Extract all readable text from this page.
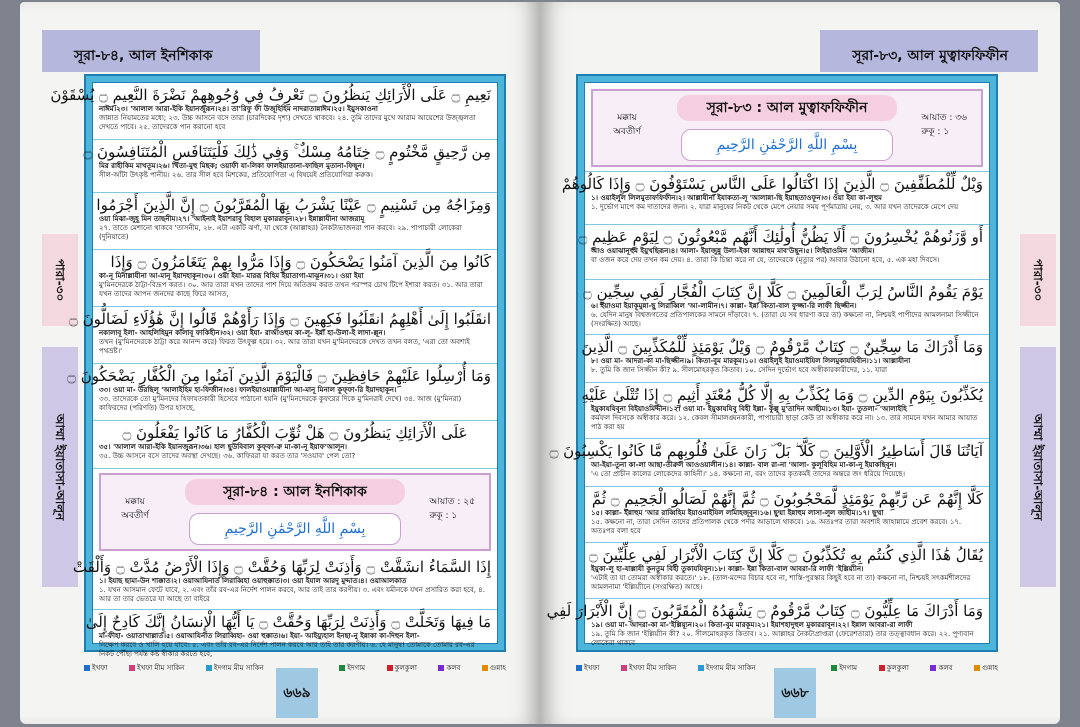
সূরা-৮৪, আল ইনশিকাক
পারা-৩০
আম্মা ইয়াতাসা-আলূন
نَعِيمِ ۝ عَلَى الْأَرَائِكِ يَنظُرُونَ ۝ تَعْرِفُ فِي وُجُوهِهِمْ نَضْرَةَ النَّعِيمِ ۝ يُسْقَوْنَ
নাঈম।২৩। 'আলাল আরা-ইকি ইয়ানজুরূন।২৪। তা'রিফু ফী উজূহিহিম নাদরাতান্নাঈম।২৫। ইয়ুসকাওনা
জান্নাত নিয়ামতের মধ্যে; ২৩. উচ্চ আসনে বসে তারা (চারদিকের দৃশ্য) দেখতে থাকবে। ২৪. তুমি তাদের মুখে আরাম আয়েশের উজ্জ্বলতা দেখতে পাবে। ২৫. তাদেরকে পান করানো হবে
مِن رَّحِيقٍ مَّخْتُومٍ ۝ خِتَامُهُ مِسْكٌ ۚ وَفِي ذَٰلِكَ فَلْيَتَنَافَسِ الْمُتَنَافِسُونَ ۝
মির রাহীকিম মাখতূম।২৬। খিতা-মুহু মিছক; ওয়াফী যা-লিকা ফালইয়াতানা-ফাছিল মুতানা-ফিছূন।
সীল-আঁটা উৎকৃষ্ট পানীয়। ২৬. তার সীল হবে মিশকের, প্রতিযোগিতা এ বিষয়েই প্রতিযোগিরা করুক।
وَمِزَاجُهُ مِن تَسْنِيمٍ ۝ عَيْنًا يَشْرَبُ بِهَا الْمُقَرَّبُونَ ۝ إِنَّ الَّذِينَ أَجْرَمُوا
ওয়া মিঝা-জুহূ মিন তাছনীম।২৭। 'আইনাই ইয়াশরাবু বিহাল মুকাররাবূন।২৮। ইন্নাল্লাযীনা আজরামূ
২৭. তাতে মেশানো থাকবে 'তাসনীম, ২৮. এটা একটি ঝর্ণা, যা থেকে (আল্লাহর) নৈকট্যভাজনরা পান করবে। ২৯. পাপাচারী লোকেরা (দুনিয়াতে)
كَانُوا مِنَ الَّذِينَ آمَنُوا يَضْحَكُونَ ۝ وَإِذَا مَرُّوا بِهِمْ يَتَغَامَزُونَ ۝ وَإِذَا
কা-নূ মিনাল্লাযীনা আ-মানূ ইয়াদহাকূন।৩০। ওয়া ইযা- মাররূ বিহিম ইয়াতাগা-মাঝূন।৩১। ওয়া ইযা
মু'মিনদেরকে ঠাট্টা-বিদ্রূপ করত। ৩০. আর তারা যখন তাদের পাশ দিয়ে অতিক্রম করত তখন পরস্পর চোখ টিপে ইশারা করত। ৩১. আর তারা যখন তাদের আপন জনদের কাছে ফিরে আসত,
انقَلَبُوا إِلَىٰ أَهْلِهِمُ انقَلَبُوا فَكِهِينَ ۝ وَإِذَا رَأَوْهُمْ قَالُوا إِنَّ هَٰؤُلَاءِ لَضَالُّونَ ۝
নকালাবূ ইলা- আহলিহিমুন কালাবূ ফাকিহীন।৩২। ওয়া ইযা- রাআওহুম কা-লূ- ইন্না হা-উলা-ই লাদা-ল্লূন।
তখন (মু'মিনদেরকে ঠাট্টা করে আনন্দ করে) ফিরত উৎফুল্ল হয়ে। ৩২. আর তারা যখন মু'মিনদেরকে দেখত তখন বলত, 'এরা তো অবশ্যই পথভ্রষ্ট।'
وَمَا أُرْسِلُوا عَلَيْهِمْ حَافِظِينَ ۝ فَالْيَوْمَ الَّذِينَ آمَنُوا مِنَ الْكُفَّارِ يَضْحَكُونَ ۝
৩৩। ওয়া মা- উরছিলূ 'আলাইহিম হা-ফিজীন।৩৪। ফালইয়াওমাল্লাযীনা আ-মানূ মিনাল কুফ্ফা-রি ইয়াদহাকূন।
৩৩. তাদেরকে তো মু'মিনদের হিফাযতকারী হিসেবে পাঠানো হয়নি (মু'মিনদেরকে কুফরের দিকে মু'মিনরাই দেখে) ৩৪. আজ (মু'মিনরা) কাফিরদের (পরিণতি) উপর হাসছে,
عَلَى الْأَرَائِكِ يَنظُرُونَ ۝ هَلْ ثُوِّبَ الْكُفَّارُ مَا كَانُوا يَفْعَلُونَ ۝
৩৫। 'আলাল আরা-ইকি ইয়ানজুরূন।৩৬। হাল ছুউবিবাল কুফ্ফা-রু মা-কা-নূ ইয়াফ'আলূন।
৩৫. উচ্চ আসনে বসে তাদের অবস্থা দেখছে। ৩৬. কাফিররা যা করত তার 'সওয়াব' পেল তো?
সূরা-৮৪ : আল ইনশিকাক
মক্কায় অবতীর্ণ
আয়াত : ২৫
রুকূ : ১
بِسْمِ اللَّهِ الرَّحْمَٰنِ الرَّحِيمِ
إِذَا السَّمَاءُ انشَقَّتْ ۝ وَأَذِنَتْ لِرَبِّهَا وَحُقَّتْ ۝ وَإِذَا الْأَرْضُ مُدَّتْ ۝ وَأَلْقَتْ
১। ইযাছ ছামা-উন শাক্কাত।২। ওয়াআযিনাত লিরাব্বিহা ওয়াহুক্কাত।৩। ওয়া ইযাল আরদু মুদ্দাত।৪। ওয়াআলকাত
১. যখন আসমান ফেটে যাবে, ২. এবং তাঁর রব-এর নির্দেশ পালন করবে, আর তাই তার করণীয়। ৩. এবং যমীনকে যখন প্রসারিত করা হবে, ৪. আর তা তার ভেতরে যা আছে তা বাইরে
مَا فِيهَا وَتَخَلَّتْ ۝ وَأَذِنَتْ لِرَبِّهَا وَحُقَّتْ ۝ يَا أَيُّهَا الْإِنسَانُ إِنَّكَ كَادِحٌ إِلَىٰ
মা-ফীহা- ওয়াতাখাল্লাত।৫। ওয়াআযিনাত লিরাব্বিহা- ওয়া হুক্কাত।৬। ইয়া- আইয়্যুহাল ইনছা-নু ইন্নাকা কা-দিহুন ইলা-
নিক্ষেপ করবে ও খালি হয়ে যাবে। ৫. এবং তাঁর রব-এর নির্দেশ পালন করবে আর তাই তার করণীয়। ৬. হে মানুষ! তোমাকে তোমার রব-এর নিকট পৌঁছা পর্যন্ত কষ্ট স্বীকার করতে হবে,
ইখফা	ইখফা মীম সাকিন	ইদগাম মীম সাকিন	ইদগাম	কুলকুলা	কলব	গুন্নাহ
৬৬৯
সূরা-৮৩, আল মুত্বাফফিফীন
পারা-৩০
আম্মা ইয়াতাসা-আলূন
সূরা-৮৩ : আল মুত্বাফফিফীন
মক্কায় অবতীর্ণ
আয়াত : ৩৬
রুকূ : ১
بِسْمِ اللَّهِ الرَّحْمَٰنِ الرَّحِيمِ
وَيْلٌ لِّلْمُطَفِّفِينَ ۝ الَّذِينَ إِذَا اكْتَالُوا عَلَى النَّاسِ يَسْتَوْفُونَ ۝ وَإِذَا كَالُوهُمْ
১। ওয়াইলুল লিলমুতাফফিফীন।২। আল্লাযীনা ইযাকতা-লূ 'আলান্না-ছি ইয়াছতাওফূন।৩। ওয়া ইযা কা-লূহুম
১. দুর্ভোগ মাপে কম দাতাদের জন্য। ২. যারা মানুষের নিকট থেকে মেপে নেয়ার সময় পূর্ণমাত্রায় নেয়, ৩. আর যখন তাদেরকে মেপে দেয়
أَو وَّزَنُوهُمْ يُخْسِرُونَ ۝ أَلَا يَظُنُّ أُولَٰئِكَ أَنَّهُم مَّبْعُوثُونَ ۝ لِيَوْمٍ عَظِيمٍ ۝
আও ওয়াঝানূহুম ইয়ুখছিরূন।৪। আলা- ইয়াজুন্নু উলা-ইকা আন্নাহুম মাব'উছূন।৫। লিইয়াওমিন 'আজীম।
বা ওজন করে দেয় তখন কম দেয়। ৪. তারা কি চিন্তা করে না যে, তাদেরকে (মৃত্যুর পর) আবার উঠানো হবে, ৫. এক মহা দিবসে।
يَوْمَ يَقُومُ النَّاسُ لِرَبِّ الْعَالَمِينَ ۝ كَلَّا إِنَّ كِتَابَ الْفُجَّارِ لَفِي سِجِّينٍ ۝
৬। ইয়াওমা ইয়াকূমুন্না-ছু লিরাব্বিল 'আ-লামীন।৭। কাল্লা- ইন্না কিতা-বাল ফুজ্জা-রি লাফী ছিজ্জীন।
৬. যেদিন মানুষ বিশ্বজগতের প্রতিপালকের সামনে দাঁড়াবে। ৭. (তারা যে সব ধারণা করে তা) কক্ষনো না, নিশ্চয়ই পাপীদের আমলনামা সিজ্জীনে (সংরক্ষিত) আছে।
وَمَا أَدْرَاكَ مَا سِجِّينٌ ۝ كِتَابٌ مَّرْقُومٌ ۝ وَيْلٌ يَوْمَئِذٍ لِّلْمُكَذِّبِينَ ۝ الَّذِينَ
৮। ওয়া মা- আদরা-কা মা-ছিজ্জীন।৯। কিতা-বুম মারকূম।১০। ওয়াইলুই ইয়াওমাইযিল লিলমুকাযযিবীন।১১। আল্লাযীনা
৮. তুমি কি জান সিজ্জীন কী? ৯. সীলমোহরকৃত কিতাব। ১০. সেদিন দুর্ভোগ হবে অস্বীকারকারীদের, ১১. যারা
يُكَذِّبُونَ بِيَوْمِ الدِّينِ ۝ وَمَا يُكَذِّبُ بِهِ إِلَّا كُلُّ مُعْتَدٍ أَثِيمٍ ۝ إِذَا تُتْلَىٰ عَلَيْهِ
ইয়ুকাযযিবূনা বিইয়াওমিদ্দীন।১২। ওয়া মা- ইয়ুকাযযিবু বিহী ইল্লা- কুল্লু মু'তাদিন আছীম।১৩। ইযা- তুতলা- 'আলাইহি
কর্মফল দিবসকে অস্বীকার করে। ১২. কেবল সীমালঙ্ঘনকারী, পাপাচারী ছাড়া কেউ তা অস্বীকার করে না। ১৩. তার সামনে যখন আমার আয়াত পাঠ করা হয়
آيَاتُنَا قَالَ أَسَاطِيرُ الْأَوَّلِينَ ۝ كَلَّا ۖ بَلْ ۜ رَانَ عَلَىٰ قُلُوبِهِم مَّا كَانُوا يَكْسِبُونَ ۝
আ-ইয়া-তুনা কা-লা আছা-তীরুল আওওয়ালীন।১৪। কাল্লা- বাল রা-না 'আলা- কুলূবিহিম মা-কা-নূ ইয়াকছিবূন।
'এ তো প্রাচীন কালের লোকেদের কাহিনী।' ১৪. কক্ষনো না, বরং তাদের কৃতকর্মই তাদের অন্তরে জং ধরিয়ে দিয়েছে।
كَلَّا إِنَّهُمْ عَن رَّبِّهِمْ يَوْمَئِذٍ لَّمَحْجُوبُونَ ۝ ثُمَّ إِنَّهُمْ لَصَالُو الْجَحِيمِ ۝ ثُمَّ
১৫। কাল্লা- ইন্নাহুম 'আর রাব্বিহিম ইয়াওমাইযিল লামাহজূবূন।১৬। ছুম্মা ইন্নাহুম লাসা-লুল জাহীম।১৭। ছুম্মা
১৫. কক্ষনো না, তারা সেদিন তাদের প্রতিপালক থেকে পর্দার আড়ালে থাকবে। ১৬. অতঃপর তারা অবশ্যই জাহান্নামে প্রবেশ করবে। ১৭. অতঃপর বলা হবে
يُقَالُ هَٰذَا الَّذِي كُنتُم بِهِ تُكَذِّبُونَ ۝ كَلَّا إِنَّ كِتَابَ الْأَبْرَارِ لَفِي عِلِّيِّينَ ۝
ইয়ুকা-লু হা-যাল্লাযী কুনতুম বিহী তুকাযযিবূন।১৮। কাল্লা- ইন্না কিতা-বাল আবরা-রি লাফী 'ইল্লিয়্যীন।
'এটাই তা যা তোমরা অস্বীকার করতে।' ১৮. (তাল-মন্দের বিচার হবে না, শাস্তি-পুরস্কার কিছুই হবে না তা) কক্ষনো না, নিশ্চয়ই সৎকর্মশীলদের আমলনামা 'ইল্লিয়্যীনে (সংরক্ষিত) আছে।
وَمَا أَدْرَاكَ مَا عِلِّيُّونَ ۝ كِتَابٌ مَّرْقُومٌ ۝ يَشْهَدُهُ الْمُقَرَّبُونَ ۝ إِنَّ الْأَبْرَارَ لَفِي
১৯। ওয়া মা- আদরা-কা মা-'ইল্লিয়্যূন।২০। কিতা-বুম মারকূম।২১। ইয়াশহাদুহুল মুকাররাবূন।২২। ইন্নাল আবরা-রা লাফী
১৯. তুমি কি জান 'ইল্লিয়্যীন কী? ২০. সীলমোহরকৃত কিতাব। ২১. আল্লাহর নৈকট্যপ্রাপ্তরা (ফেরেশতারা) তার তত্ত্বাবধান করে। ২২. পুণ্যবান লোকেরা থাকবে
ইখফা	ইখফা মীম সাকিন	ইদগাম মীম সাকিন	ইদগাম	কুলকুলা	কলব	গুন্নাহ
৬৬৮
